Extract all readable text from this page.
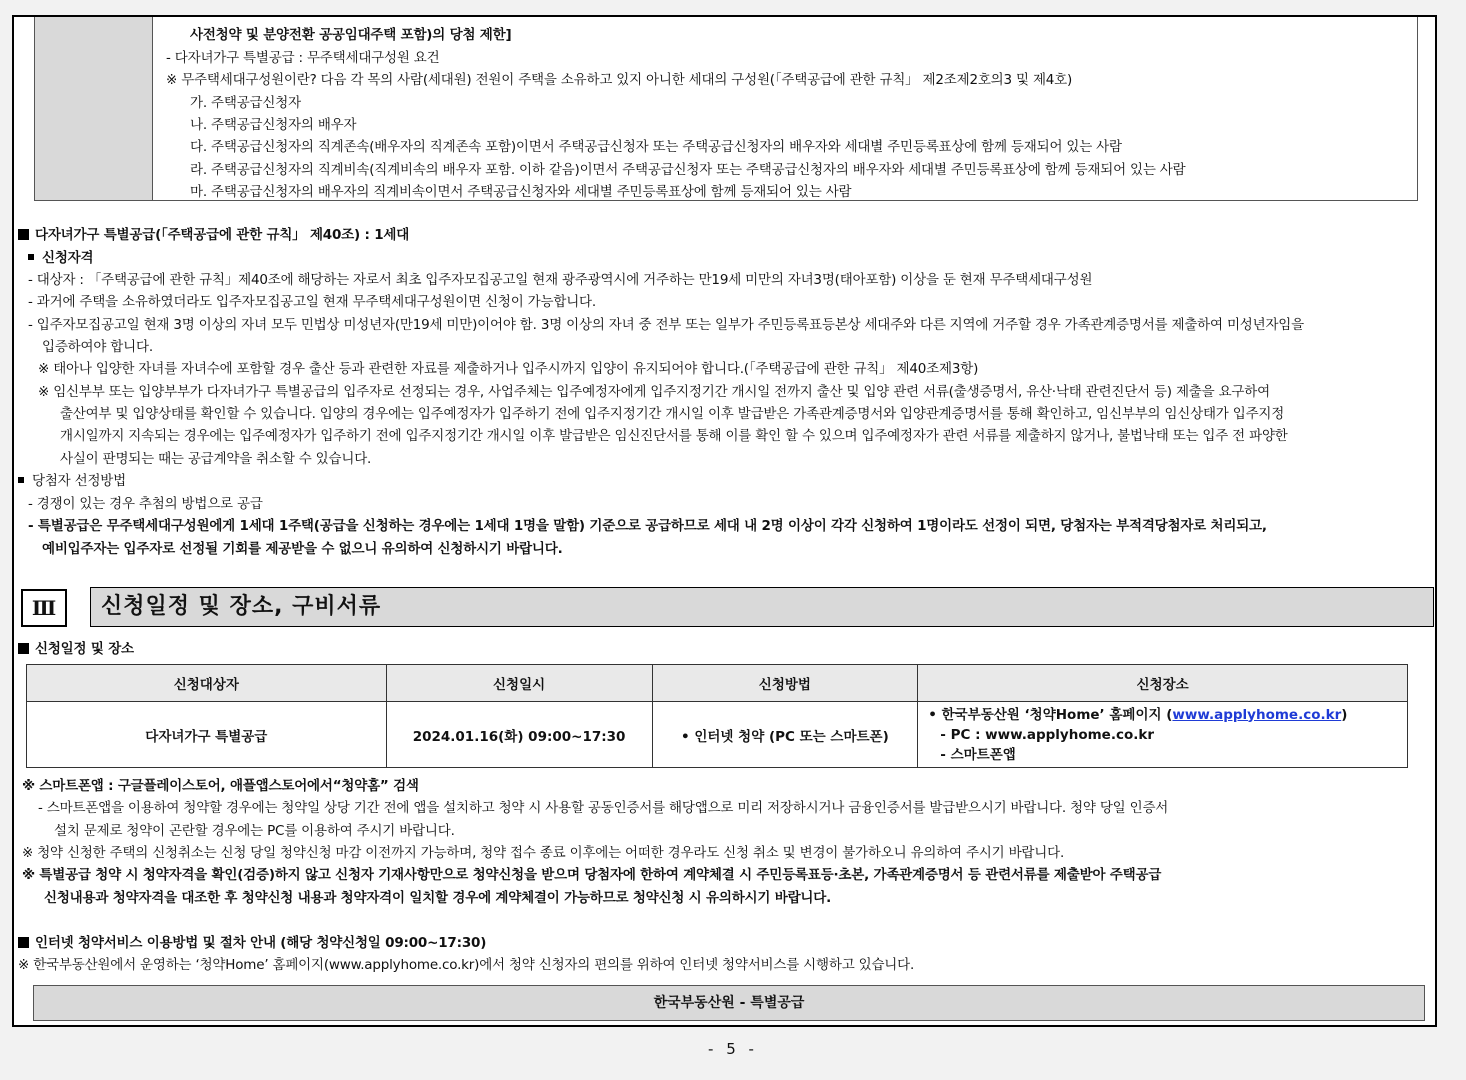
사전청약 및 분양전환 공공임대주택 포함)의 당첨 제한]
- 다자녀가구 특별공급 : 무주택세대구성원 요건
※ 무주택세대구성원이란? 다음 각 목의 사람(세대원) 전원이 주택을 소유하고 있지 아니한 세대의 구성원(「주택공급에 관한 규칙」 제2조제2호의3 및 제4호)
가. 주택공급신청자
나. 주택공급신청자의 배우자
다. 주택공급신청자의 직계존속(배우자의 직계존속 포함)이면서 주택공급신청자 또는 주택공급신청자의 배우자와 세대별 주민등록표상에 함께 등재되어 있는 사람
라. 주택공급신청자의 직계비속(직계비속의 배우자 포함. 이하 같음)이면서 주택공급신청자 또는 주택공급신청자의 배우자와 세대별 주민등록표상에 함께 등재되어 있는 사람
마. 주택공급신청자의 배우자의 직계비속이면서 주택공급신청자와 세대별 주민등록표상에 함께 등재되어 있는 사람
다자녀가구 특별공급(「주택공급에 관한 규칙」 제40조) : 1세대
신청자격
- 대상자 : 「주택공급에 관한 규칙」제40조에 해당하는 자로서 최초 입주자모집공고일 현재 광주광역시에 거주하는 만19세 미만의 자녀3명(태아포함) 이상을 둔 현재 무주택세대구성원
- 과거에 주택을 소유하였더라도 입주자모집공고일 현재 무주택세대구성원이면 신청이 가능합니다.
- 입주자모집공고일 현재 3명 이상의 자녀 모두 민법상 미성년자(만19세 미만)이어야 함. 3명 이상의 자녀 중 전부 또는 일부가 주민등록표등본상 세대주와 다른 지역에 거주할 경우 가족관계증명서를 제출하여 미성년자임을
입증하여야 합니다.
※ 태아나 입양한 자녀를 자녀수에 포함할 경우 출산 등과 관련한 자료를 제출하거나 입주시까지 입양이 유지되어야 합니다.(「주택공급에 관한 규칙」 제40조제3항)
※ 임신부부 또는 입양부부가 다자녀가구 특별공급의 입주자로 선정되는 경우, 사업주체는 입주예정자에게 입주지정기간 개시일 전까지 출산 및 입양 관련 서류(출생증명서, 유산·낙태 관련진단서 등) 제출을 요구하여
출산여부 및 입양상태를 확인할 수 있습니다. 입양의 경우에는 입주예정자가 입주하기 전에 입주지정기간 개시일 이후 발급받은 가족관계증명서와 입양관계증명서를 통해 확인하고, 임신부부의 임신상태가 입주지정
개시일까지 지속되는 경우에는 입주예정자가 입주하기 전에 입주지정기간 개시일 이후 발급받은 임신진단서를 통해 이를 확인 할 수 있으며 입주예정자가 관련 서류를 제출하지 않거나, 불법낙태 또는 입주 전 파양한
사실이 판명되는 때는 공급계약을 취소할 수 있습니다.
당첨자 선정방법
- 경쟁이 있는 경우 추첨의 방법으로 공급
- 특별공급은 무주택세대구성원에게 1세대 1주택(공급을 신청하는 경우에는 1세대 1명을 말함) 기준으로 공급하므로 세대 내 2명 이상이 각각 신청하여 1명이라도 선정이 되면, 당첨자는 부적격당첨자로 처리되고,
예비입주자는 입주자로 선정될 기회를 제공받을 수 없으니 유의하여 신청하시기 바랍니다.
Ⅲ	신청일정 및 장소, 구비서류
신청일정 및 장소
신청대상자	신청일시	신청방법	신청장소
다자녀가구 특별공급	2024.01.16(화) 09:00~17:30	• 인터넷 청약 (PC 또는 스마트폰)	• 한국부동산원 ‘청약Home’ 홈페이지 (www.applyhome.co.kr)
- PC : www.applyhome.co.kr
- 스마트폰앱
※ 스마트폰앱 : 구글플레이스토어, 애플앱스토어에서“청약홈” 검색
- 스마트폰앱을 이용하여 청약할 경우에는 청약일 상당 기간 전에 앱을 설치하고 청약 시 사용할 공동인증서를 해당앱으로 미리 저장하시거나 금융인증서를 발급받으시기 바랍니다. 청약 당일 인증서
설치 문제로 청약이 곤란할 경우에는 PC를 이용하여 주시기 바랍니다.
※ 청약 신청한 주택의 신청취소는 신청 당일 청약신청 마감 이전까지 가능하며, 청약 접수 종료 이후에는 어떠한 경우라도 신청 취소 및 변경이 불가하오니 유의하여 주시기 바랍니다.
※ 특별공급 청약 시 청약자격을 확인(검증)하지 않고 신청자 기재사항만으로 청약신청을 받으며 당첨자에 한하여 계약체결 시 주민등록표등·초본, 가족관계증명서 등 관련서류를 제출받아 주택공급
신청내용과 청약자격을 대조한 후 청약신청 내용과 청약자격이 일치할 경우에 계약체결이 가능하므로 청약신청 시 유의하시기 바랍니다.
인터넷 청약서비스 이용방법 및 절차 안내 (해당 청약신청일 09:00~17:30)
※ 한국부동산원에서 운영하는 ‘청약Home’ 홈페이지(www.applyhome.co.kr)에서 청약 신청자의 편의를 위하여 인터넷 청약서비스를 시행하고 있습니다.
한국부동산원 - 특별공급
- 5 -
